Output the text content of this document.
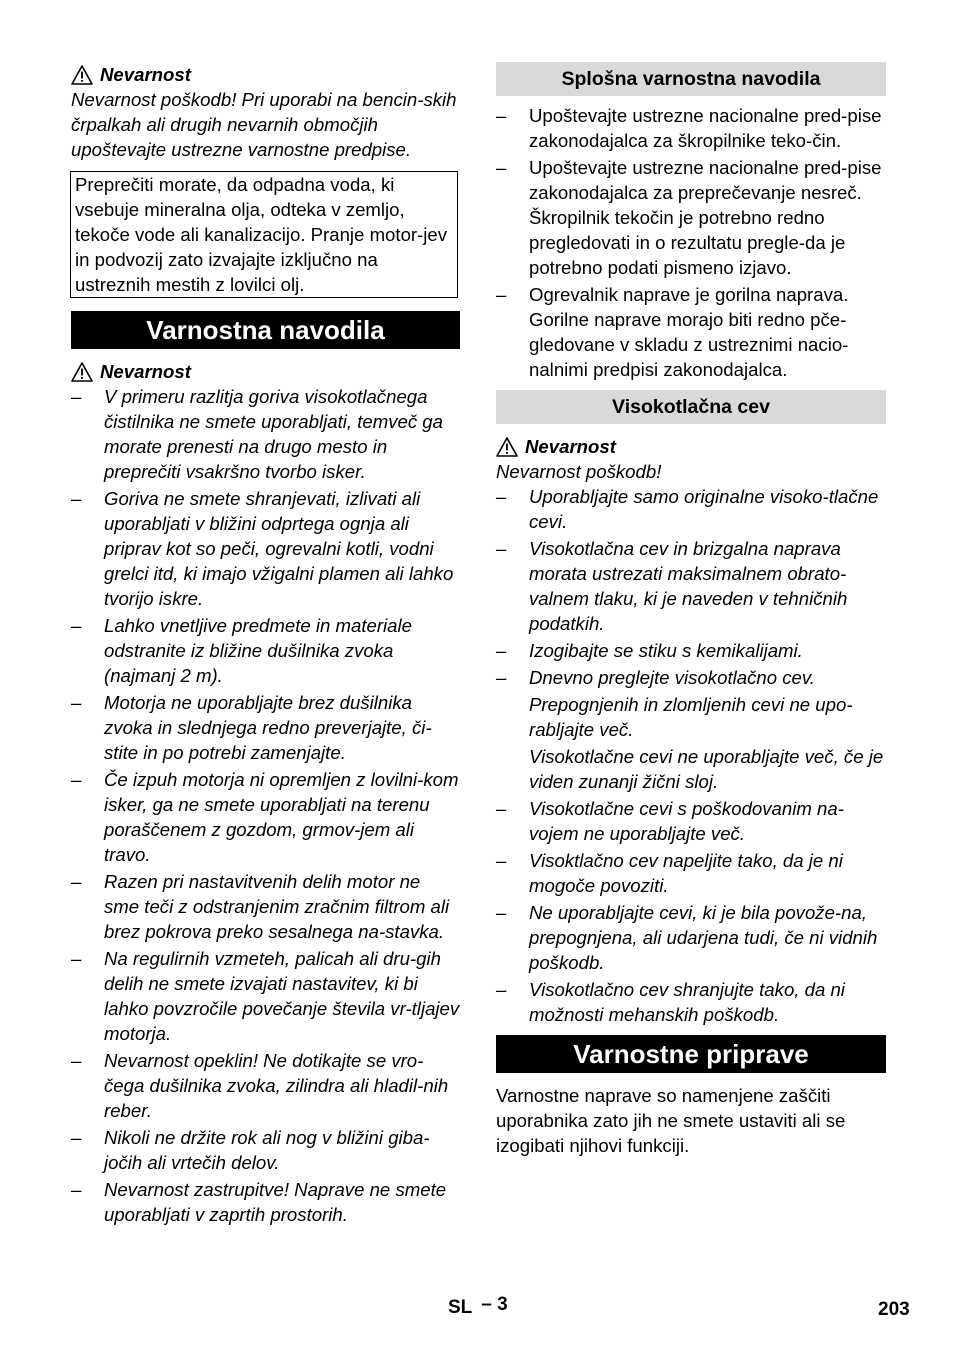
Nevarnost

Nevarnost poškodb! Pri uporabi na bencin-skih črpalkah ali drugih nevarnih območjih upoštevajte ustrezne varnostne predpise.

Preprečiti morate, da odpadna voda, ki vsebuje mineralna olja, odteka v zemljo, tekoče vode ali kanalizacijo. Pranje motor-jev in podvozij zato izvajajte izključno na ustreznih mestih z lovilci olj.

Varnostna navodila
Nevarnost
– V primeru razlitja goriva visokotlačnega čistilnika ne smete uporabljati, temveč ga morate prenesti na drugo mesto in preprečiti vsakršno tvorbo isker.
– Goriva ne smete shranjevati, izlivati ali uporabljati v bližini odprtega ognja ali priprav kot so peči, ogrevalni kotli, vodni grelci itd, ki imajo vžigalni plamen ali lahko tvorijo iskre.
– Lahko vnetljive predmete in materiale odstranite iz bližine dušilnika zvoka (najmanj 2 m).
– Motorja ne uporabljajte brez dušilnika zvoka in slednjega redno preverjajte, či-stite in po potrebi zamenjajte.
– Če izpuh motorja ni opremljen z lovilni-kom isker, ga ne smete uporabljati na terenu poraščenem z gozdom, grmov-jem ali travo.
– Razen pri nastavitvenih delih motor ne sme teči z odstranjenim zračnim filtrom ali brez pokrova preko sesalnega na-stavka.
– Na regulirnih vzmeteh, palicah ali dru-gih delih ne smete izvajati nastavitev, ki bi lahko povzročile povečanje števila vr-tljajev motorja.
– Nevarnost opeklin! Ne dotikajte se vro-čega dušilnika zvoka, zilindra ali hladil-nih reber.
– Nikoli ne držite rok ali nog v bližini giba-jočih ali vrtečih delov.
– Nevarnost zastrupitve! Naprave ne smete uporabljati v zaprtih prostorih.
Splošna varnostna navodila
– Upoštevajte ustrezne nacionalne pred-pise zakonodajalca za škropilnike teko-čin.
– Upoštevajte ustrezne nacionalne pred-pise zakonodajalca za preprečevanje nesreč. Škropilnik tekočin je potrebno redno pregledovati in o rezultatu pregle-da je potrebno podati pismeno izjavo.
– Ogrevalnik naprave je gorilna naprava. Gorilne naprave morajo biti redno pče-gledovane v skladu z ustreznimi nacio-nalnimi predpisi zakonodajalca.
Visokotlačna cev
Nevarnost

Nevarnost poškodb!

– Uporabljajte samo originalne visoko-tlačne cevi.
– Visokotlačna cev in brizgalna naprava morata ustrezati maksimalnem obrato-valnem tlaku, ki je naveden v tehničnih podatkih.
– Izogibajte se stiku s kemikalijami.
– Dnevno preglejte visokotlačno cev.
Prepognjenih in zlomljenih cevi ne upo-rabljajte več.
Visokotlačne cevi ne uporabljajte več, če je viden zunanji žični sloj.
– Visokotlačne cevi s poškodovanim na-vojem ne uporabljajte več.
– Visoktlačno cev napeljite tako, da je ni mogoče povoziti.
– Ne uporabljajte cevi, ki je bila povože-na, prepognjena, ali udarjena tudi, če ni vidnih poškodb.
– Visokotlačno cev shranjujte tako, da ni možnosti mehanskih poškodb.
Varnostne priprave

Varnostne naprave so namenjene zaščiti uporabnika zato jih ne smete ustaviti ali se izogibati njihovi funkciji.

SL – 3	203
